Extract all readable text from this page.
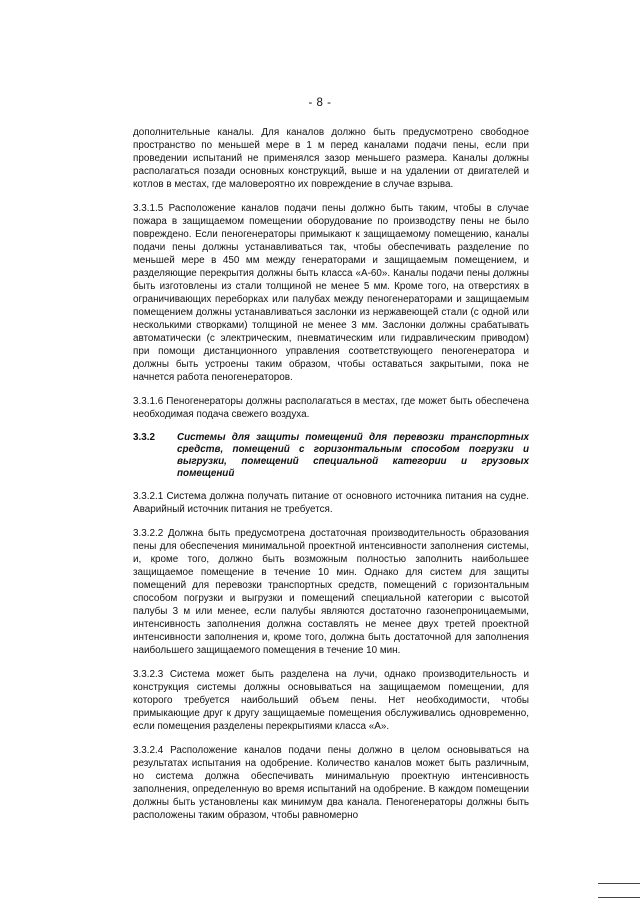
- 8 -

дополнительные каналы. Для каналов должно быть предусмотрено свободное пространство по меньшей мере в 1 м перед каналами подачи пены, если при проведении испытаний не применялся зазор меньшего размера. Каналы должны располагаться позади основных конструкций, выше и на удалении от двигателей и котлов в местах, где маловероятно их повреждение в случае взрыва.

3.3.1.5 Расположение каналов подачи пены должно быть таким, чтобы в случае пожара в защищаемом помещении оборудование по производству пены не было повреждено. Если пеногенераторы примыкают к защищаемому помещению, каналы подачи пены должны устанавливаться так, чтобы обеспечивать разделение по меньшей мере в 450 мм между генераторами и защищаемым помещением, и разделяющие перекрытия должны быть класса «А-60». Каналы подачи пены должны быть изготовлены из стали толщиной не менее 5 мм. Кроме того, на отверстиях в ограничивающих переборках или палубах между пеногенераторами и защищаемым помещением должны устанавливаться заслонки из нержавеющей стали (с одной или несколькими створками) толщиной не менее 3 мм. Заслонки должны срабатывать автоматически (с электрическим, пневматическим или гидравлическим приводом) при помощи дистанционного управления соответствующего пеногенератора и должны быть устроены таким образом, чтобы оставаться закрытыми, пока не начнется работа пеногенераторов.

3.3.1.6 Пеногенераторы должны располагаться в местах, где может быть обеспечена необходимая подача свежего воздуха.

3.3.2	Системы для защиты помещений для перевозки транспортных средств, помещений с горизонтальным способом погрузки и выгрузки, помещений специальной категории и грузовых помещений

3.3.2.1 Система должна получать питание от основного источника питания на судне. Аварийный источник питания не требуется.

3.3.2.2 Должна быть предусмотрена достаточная производительность образования пены для обеспечения минимальной проектной интенсивности заполнения системы, и, кроме того, должно быть возможным полностью заполнить наибольшее защищаемое помещение в течение 10 мин. Однако для систем для защиты помещений для перевозки транспортных средств, помещений с горизонтальным способом погрузки и выгрузки и помещений специальной категории с высотой палубы 3 м или менее, если палубы являются достаточно газонепроницаемыми, интенсивность заполнения должна составлять не менее двух третей проектной интенсивности заполнения и, кроме того, должна быть достаточной для заполнения наибольшего защищаемого помещения в течение 10 мин.

3.3.2.3 Система может быть разделена на лучи, однако производительность и конструкция системы должны основываться на защищаемом помещении, для которого требуется наибольший объем пены. Нет необходимости, чтобы примыкающие друг к другу защищаемые помещения обслуживались одновременно, если помещения разделены перекрытиями класса «А».

3.3.2.4 Расположение каналов подачи пены должно в целом основываться на результатах испытания на одобрение. Количество каналов может быть различным, но система должна обеспечивать минимальную проектную интенсивность заполнения, определенную во время испытаний на одобрение. В каждом помещении должны быть установлены как минимум два канала. Пеногенераторы должны быть расположены таким образом, чтобы равномерно
